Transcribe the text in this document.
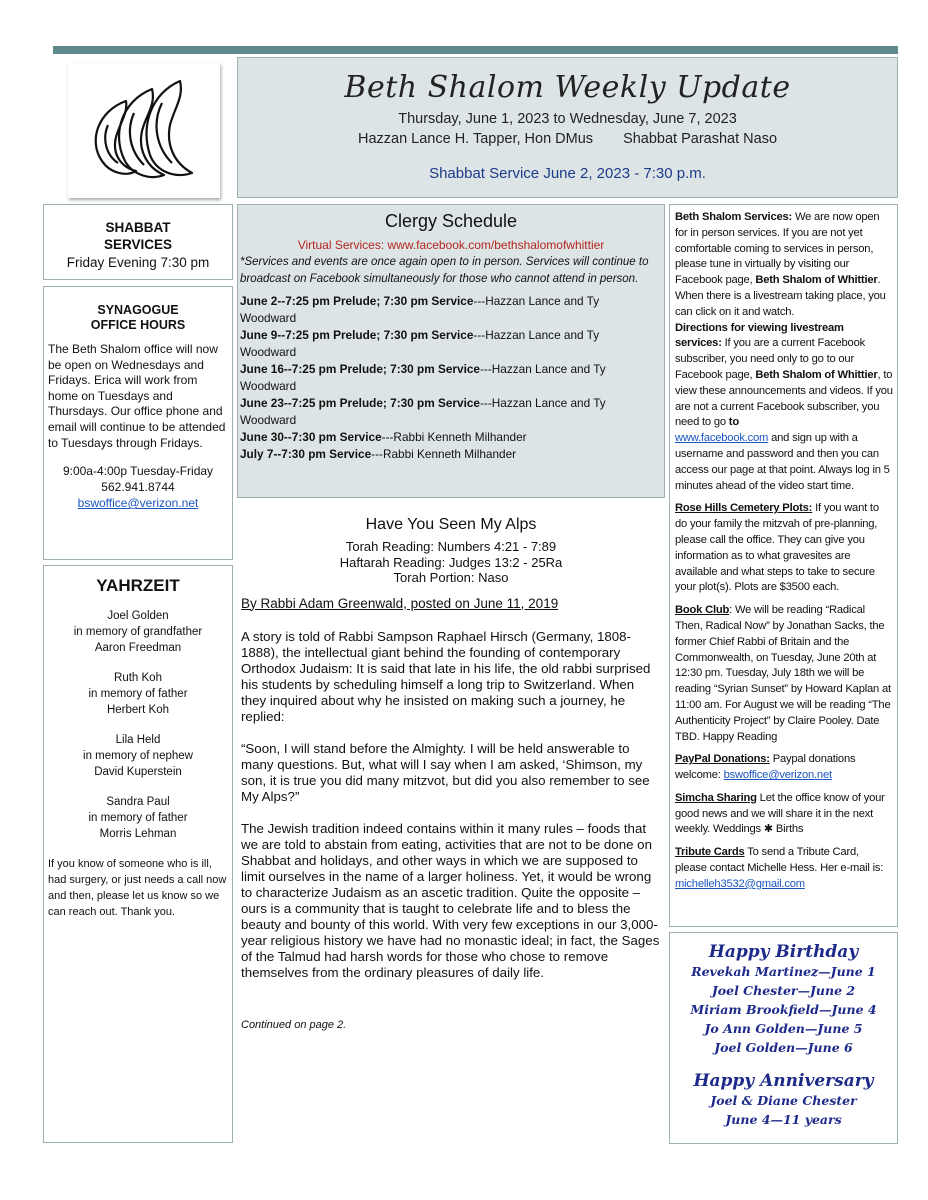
Beth Shalom Weekly Update
Thursday, June 1, 2023 to Wednesday, June 7, 2023
Hazzan Lance H. Tapper, Hon DMus Shabbat Parashat Naso
Shabbat Service June 2, 2023 - 7:30 p.m.
SHABBAT
SERVICES
Friday Evening 7:30 pm
SYNAGOGUE
OFFICE HOURS
The Beth Shalom office will now be open on Wednesdays and Fridays. Erica will work from home on Tuesdays and Thursdays. Our office phone and email will continue to be attended to Tuesdays through Fridays.
9:00a-4:00p Tuesday-Friday
562.941.8744
bswoffice@verizon.net
YAHRZEIT
Joel Golden
in memory of grandfather
Aaron Freedman
Ruth Koh
in memory of father
Herbert Koh
Lila Held
in memory of nephew
David Kuperstein
Sandra Paul
in memory of father
Morris Lehman
If you know of someone who is ill, had surgery, or just needs a call now and then, please let us know so we can reach out. Thank you.
Clergy Schedule
Virtual Services: www.facebook.com/bethshalomofwhittier
*Services and events are once again open to in person. Services will continue to broadcast on Facebook simultaneously for those who cannot attend in person.
June 2--7:25 pm Prelude; 7:30 pm Service---Hazzan Lance and Ty Woodward
June 9--7:25 pm Prelude; 7:30 pm Service---Hazzan Lance and Ty Woodward
June 16--7:25 pm Prelude; 7:30 pm Service---Hazzan Lance and Ty Woodward
June 23--7:25 pm Prelude; 7:30 pm Service---Hazzan Lance and Ty Woodward
June 30--7:30 pm Service---Rabbi Kenneth Milhander
July 7--7:30 pm Service---Rabbi Kenneth Milhander
Have You Seen My Alps
Torah Reading: Numbers 4:21 - 7:89
Haftarah Reading: Judges 13:2 - 25Ra
Torah Portion: Naso
By Rabbi Adam Greenwald, posted on June 11, 2019

A story is told of Rabbi Sampson Raphael Hirsch (Germany, 1808-1888), the intellectual giant behind the founding of contemporary Orthodox Judaism: It is said that late in his life, the old rabbi surprised his students by scheduling himself a long trip to Switzerland. When they inquired about why he insisted on making such a journey, he replied:

“Soon, I will stand before the Almighty. I will be held answerable to many questions. But, what will I say when I am asked, ‘Shimson, my son, it is true you did many mitzvot, but did you also remember to see My Alps?”

The Jewish tradition indeed contains within it many rules – foods that we are told to abstain from eating, activities that are not to be done on Shabbat and holidays, and other ways in which we are supposed to limit ourselves in the name of a larger holiness. Yet, it would be wrong to characterize Judaism as an ascetic tradition. Quite the opposite – ours is a community that is taught to celebrate life and to bless the beauty and bounty of this world. With very few exceptions in our 3,000-year religious history we have had no monastic ideal; in fact, the Sages of the Talmud had harsh words for those who chose to remove themselves from the ordinary pleasures of daily life.

Continued on page 2.
Beth Shalom Services: We are now open for in person services. If you are not yet comfortable coming to services in person, please tune in virtually by visiting our Facebook page, Beth Shalom of Whittier. When there is a livestream taking place, you can click on it and watch.
Directions for viewing livestream services: If you are a current Facebook subscriber, you need only to go to our Facebook page, Beth Shalom of Whittier, to view these announcements and videos. If you are not a current Facebook subscriber, you need to go to
www.facebook.com and sign up with a username and password and then you can access our page at that point. Always log in 5 minutes ahead of the video start time.
Rose Hills Cemetery Plots: If you want to do your family the mitzvah of pre-planning, please call the office. They can give you information as to what gravesites are available and what steps to take to secure your plot(s). Plots are $3500 each.
Book Club: We will be reading “Radical Then, Radical Now” by Jonathan Sacks, the former Chief Rabbi of Britain and the Commonwealth, on Tuesday, June 20th at 12:30 pm. Tuesday, July 18th we will be reading “Syrian Sunset” by Howard Kaplan at 11:00 am. For August we will be reading “The Authenticity Project” by Claire Pooley. Date TBD. Happy Reading
PayPal Donations: Paypal donations welcome: bswoffice@verizon.net
Simcha Sharing Let the office know of your good news and we will share it in the next weekly. Weddings ✱ Births
Tribute Cards To send a Tribute Card, please contact Michelle Hess. Her e-mail is: michelleh3532@gmail.com
Happy Birthday
Revekah Martinez—June 1
Joel Chester—June 2
Miriam Brookfield—June 4
Jo Ann Golden—June 5
Joel Golden—June 6
Happy Anniversary
Joel & Diane Chester
June 4—11 years
